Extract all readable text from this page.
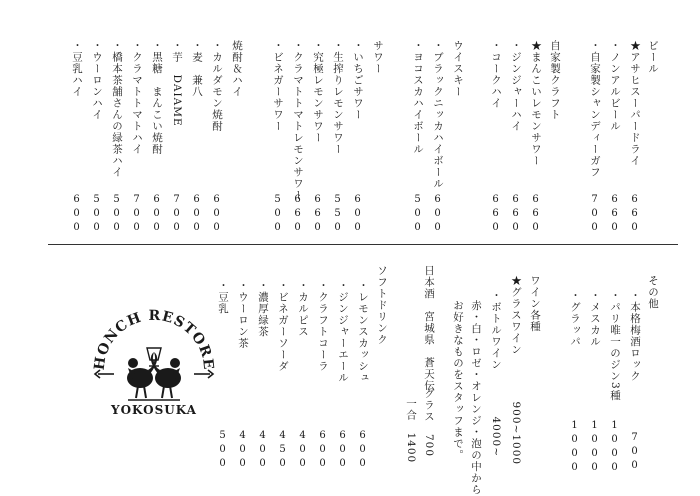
ビール
★アサヒスーパードライ
660
・ノンアルビール
660
・自家製シャンディーガフ
700
自家製クラフト
★まんこいレモンサワー
660
・ジンジャーハイ
660
・コークハイ
660
ウイスキー
・ブラックニッカハイボール
600
・ヨコスカハイボール
500
サワー
・いちごサワー
600
・生搾りレモンサワー
550
・究極レモンサワー
660
・クラマトトマトレモンサワー
660
・ビネガーサワー
500
焼酎＆ハイ
・カルダモン焼酎
600
・麦　兼八
600
・芋　DAIAME
700
・黒糖　まんこい焼酎
600
・クラマトトマトハイ
700
・橋本茶舗さんの緑茶ハイ
500
・ウーロンハイ
500
・豆乳ハイ
600
その他
・本格梅酒ロック
700
・パリ唯一のジン3種
1000
・メスカル
1000
・グラッパ
1000
ワイン各種
★グラスワイン　　　　900~1000
・ボトルワイン　　　　4000~
赤・白・ロゼ・オレンジ・泡の中から
お好きなものをスタッフまで。
日本酒　宮城県　蒼天伝
グラス　700
一合　1400
ソフトドリンク
・レモンスカッシュ
600
・ジンジャーエール
600
・クラフトコーラ
600
・カルピス
400
・ビネガーソーダ
450
・濃厚緑茶
400
・ウーロン茶
400
・豆乳
500
HONCH RESTORE
YOKOSUKA
